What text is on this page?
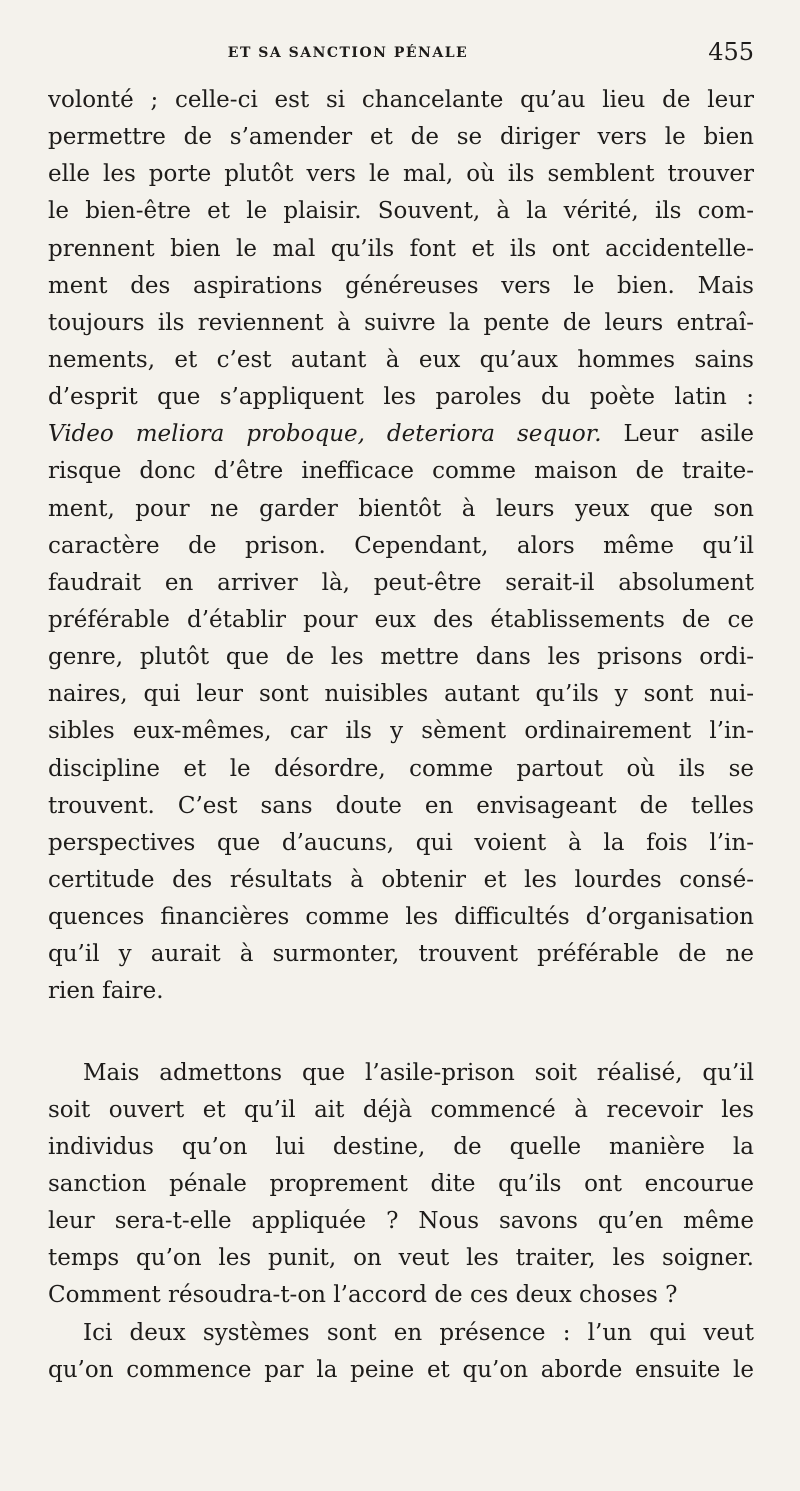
ET SA SANCTION PÉNALE	455
volonté ; celle-ci est si chancelante qu’au lieu de leur
permettre de s’amender et de se diriger vers le bien
elle les porte plutôt vers le mal, où ils semblent trouver
le bien-être et le plaisir. Souvent, à la vérité, ils com-
prennent bien le mal qu’ils font et ils ont accidentelle-
ment des aspirations généreuses vers le bien. Mais
toujours ils reviennent à suivre la pente de leurs entraî-
nements, et c’est autant à eux qu’aux hommes sains
d’esprit que s’appliquent les paroles du poète latin :
Video meliora proboque, deteriora sequor. Leur asile
risque donc d’être inefficace comme maison de traite-
ment, pour ne garder bientôt à leurs yeux que son
caractère de prison. Cependant, alors même qu’il
faudrait en arriver là, peut-être serait-il absolument
préférable d’établir pour eux des établissements de ce
genre, plutôt que de les mettre dans les prisons ordi-
naires, qui leur sont nuisibles autant qu’ils y sont nui-
sibles eux-mêmes, car ils y sèment ordinairement l’in-
discipline et le désordre, comme partout où ils se
trouvent. C’est sans doute en envisageant de telles
perspectives que d’aucuns, qui voient à la fois l’in-
certitude des résultats à obtenir et les lourdes consé-
quences financières comme les difficultés d’organisation
qu’il y aurait à surmonter, trouvent préférable de ne
rien faire.
Mais admettons que l’asile-prison soit réalisé, qu’il
soit ouvert et qu’il ait déjà commencé à recevoir les
individus qu’on lui destine, de quelle manière la
sanction pénale proprement dite qu’ils ont encourue
leur sera-t-elle appliquée ? Nous savons qu’en même
temps qu’on les punit, on veut les traiter, les soigner.
Comment résoudra-t-on l’accord de ces deux choses ?
Ici deux systèmes sont en présence : l’un qui veut
qu’on commence par la peine et qu’on aborde ensuite le
